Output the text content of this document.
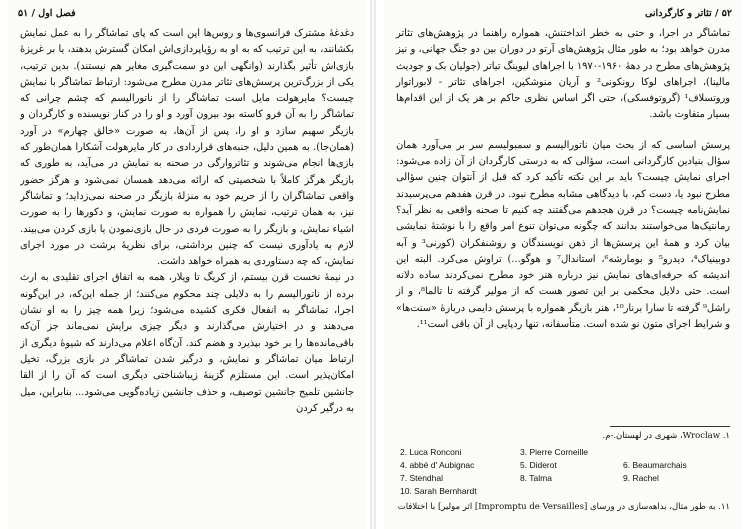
فصل اول / ۵۱

دغدغهٔ مشترک فرانسوی‌ها و روس‌ها این است که پای تماشاگر را به عمل نمایش بکشانند، به این ترتیب که به او به رؤیاپردازی‌اش امکان گسترش بدهند، یا بر غریزهٔ بازی‌اش تأثیر بگذارند (وانگهی این دو سمت‌گیری مغایر هم نیستند). بدین ترتیب، یکی از بزرگ‌ترین پرسش‌های تئاتر مدرن مطرح می‌شود: ارتباط تماشاگر با نمایش چیست؟ مایرهولت مایل است تماشاگر را از ناتورالیسم که چشم چرانی که تماشاگر را به آن فرو کاسته بود بیرون آورد و او را در کنار نویسنده و کارگردان و بازیگر سهیم سازد و او را، پس از آن‌ها، به صورت «خالق چهارم» در آورد (همان‌جا). به همین دلیل، جنبه‌های قراردادی در کار مایرهولت آشکارا همان‌طور که بازی‌ها انجام می‌شوند و تئاتروارگی در صحنه به نمایش در می‌آید، به طوری که بازیگر هرگز کاملاً با شخصیتی که ارائه می‌دهد همسان نمی‌شود و هرگز حضور واقعی تماشاگران را از حریم خود به منزلهٔ بازیگر در صحنه نمی‌زداید؛ و تماشاگر نیز، به همان ترتیب، نمایش را همواره به صورت نمایش، و دکورها را به صورت اشیاء نمایش، و بازیگر را به صورت فردی در حال بازی‌نمودن یا بازی کردن می‌بیند. لازم به یادآوری نیست که چنین برداشتی، برای نظریهٔ برشت در مورد اجرای نمایش، که چه دستاوردی به همراه خواهد داشت.

در نیمهٔ نخست قرن بیستم، از کریگ تا ویلار، همه به اتفاق اجرای تقلیدی به ارث برده از ناتورالیسم را به دلایلی چند محکوم می‌کنند؛ از جمله این‌که، در این‌گونه اجرا، تماشاگر به انفعال فکری کشیده می‌شود؛ زیرا همه چیز را به او نشان می‌دهند و در اختیارش می‌گذارند و دیگر چیزی برایش نمی‌ماند جز آن‌که باقی‌مانده‌ها را بر خود بپذیرد و هضم کند. آن‌گاه اعلام می‌دارند که شیوهٔ دیگری از ارتباط میان تماشاگر و نمایش، و درگیر شدن تماشاگر در بازی بزرگ، تخیل امکان‌پذیر است. این مستلزم گزینهٔ زیباشناختی دیگری است که آن را از القا جانشین تلمیح جانشین توصیف، و حذف جانشین زیاده‌گویی می‌شود... بنابراین، میل به درگیر کردن

۵۲ / تئاتر و کارگردانی

تماشاگر در اجرا، و حتی به خطر انداختنش، همواره راهنما در پژوهش‌های تئاتر مدرن خواهد بود؛ به طور مثال پژوهش‌های آرتو در دوران بین دو جنگ جهانی، و نیز پژوهش‌های مطرح در دههٔ ۱۹۶۰-۱۹۷۰ با اجراهای لیوینگ تیاتر (جولیان بک و جودیث مالینا)، اجراهای لوکا رونکونی² و آریان منوشکین، اجراهای تئاتر - لابوراتوار وروتسلاف¹ (گروتوفسکی)، حتی اگر اساس نظری حاکم بر هر یک از این اقدام‌ها بسیار متفاوت باشد.

پرسش اساسی که از بحث میان ناتورالیسم و سمبولیسم سر بر می‌آورد همان سؤال بنیادین کارگردانی است، سؤالی که به درستی کارگردان از آن زاده می‌شود: اجرای نمایش چیست؟ باید بر این نکته تأکید کرد که قبل از آنتوان چنین سؤالی مطرح نبود یا، دست کم، با دیدگاهی مشابه مطرح نبود. در قرن هفدهم می‌پرسیدند نمایش‌نامه چیست؟ در قرن هجدهم می‌گفتند چه کنیم تا صحنه واقعی به نظر آید؟ رمانتیک‌ها می‌خواستند بدانند که چگونه می‌توان تنوع امر واقع را با نوشتهٔ نمایشی بیان کرد و همهٔ این پرسش‌ها از ذهن نویسندگان و روشنفکران (کورنی³ و آبه دوبینیاک⁴، دیدرو⁵ و بومارشه⁶، استاندال⁷ و هوگو...) تراوش می‌کرد. البته این اندیشه که حرفه‌ای‌های نمایش نیز درباره هنر خود مطرح نمی‌کردند ساده دلانه است. حتی دلایل محکمی بر این تصور هست که از مولیر گرفته تا تالما⁸، و از راشل⁹ گرفته تا سارا برنار¹⁰، هنر بازیگر همواره با پرسش دایمی دربارهٔ «سنت‌ها» و شرایط اجرای متون نو شده است. متأسفانه، تنها ردپایی از آن باقی است¹¹.

۱. Wroclaw، شهری در لهستان.-م.
2. Luca Ronconi	3. Pierre Corneille
4. abbé d' Aubignac	5. Diderot	6. Beaumarchais
7. Stendhal	8. Talma	9. Rachel
10. Sarah Bernhardt
۱۱. به طور مثال، بداهه‌سازی در ورسای [Impromptu de Versailles] اثر مولیر] با اختلافات
